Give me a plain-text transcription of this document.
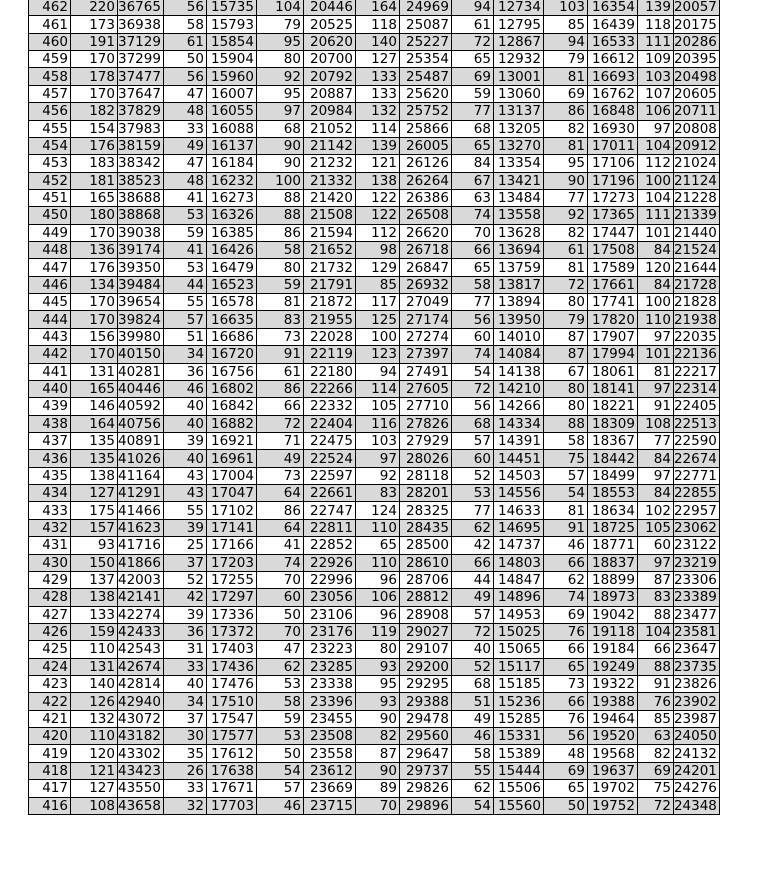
462	220	36765	56	15735	104	20446	164	24969	94	12734	103	16354	139	20057
461	173	36938	58	15793	79	20525	118	25087	61	12795	85	16439	118	20175
460	191	37129	61	15854	95	20620	140	25227	72	12867	94	16533	111	20286
459	170	37299	50	15904	80	20700	127	25354	65	12932	79	16612	109	20395
458	178	37477	56	15960	92	20792	133	25487	69	13001	81	16693	103	20498
457	170	37647	47	16007	95	20887	133	25620	59	13060	69	16762	107	20605
456	182	37829	48	16055	97	20984	132	25752	77	13137	86	16848	106	20711
455	154	37983	33	16088	68	21052	114	25866	68	13205	82	16930	97	20808
454	176	38159	49	16137	90	21142	139	26005	65	13270	81	17011	104	20912
453	183	38342	47	16184	90	21232	121	26126	84	13354	95	17106	112	21024
452	181	38523	48	16232	100	21332	138	26264	67	13421	90	17196	100	21124
451	165	38688	41	16273	88	21420	122	26386	63	13484	77	17273	104	21228
450	180	38868	53	16326	88	21508	122	26508	74	13558	92	17365	111	21339
449	170	39038	59	16385	86	21594	112	26620	70	13628	82	17447	101	21440
448	136	39174	41	16426	58	21652	98	26718	66	13694	61	17508	84	21524
447	176	39350	53	16479	80	21732	129	26847	65	13759	81	17589	120	21644
446	134	39484	44	16523	59	21791	85	26932	58	13817	72	17661	84	21728
445	170	39654	55	16578	81	21872	117	27049	77	13894	80	17741	100	21828
444	170	39824	57	16635	83	21955	125	27174	56	13950	79	17820	110	21938
443	156	39980	51	16686	73	22028	100	27274	60	14010	87	17907	97	22035
442	170	40150	34	16720	91	22119	123	27397	74	14084	87	17994	101	22136
441	131	40281	36	16756	61	22180	94	27491	54	14138	67	18061	81	22217
440	165	40446	46	16802	86	22266	114	27605	72	14210	80	18141	97	22314
439	146	40592	40	16842	66	22332	105	27710	56	14266	80	18221	91	22405
438	164	40756	40	16882	72	22404	116	27826	68	14334	88	18309	108	22513
437	135	40891	39	16921	71	22475	103	27929	57	14391	58	18367	77	22590
436	135	41026	40	16961	49	22524	97	28026	60	14451	75	18442	84	22674
435	138	41164	43	17004	73	22597	92	28118	52	14503	57	18499	97	22771
434	127	41291	43	17047	64	22661	83	28201	53	14556	54	18553	84	22855
433	175	41466	55	17102	86	22747	124	28325	77	14633	81	18634	102	22957
432	157	41623	39	17141	64	22811	110	28435	62	14695	91	18725	105	23062
431	93	41716	25	17166	41	22852	65	28500	42	14737	46	18771	60	23122
430	150	41866	37	17203	74	22926	110	28610	66	14803	66	18837	97	23219
429	137	42003	52	17255	70	22996	96	28706	44	14847	62	18899	87	23306
428	138	42141	42	17297	60	23056	106	28812	49	14896	74	18973	83	23389
427	133	42274	39	17336	50	23106	96	28908	57	14953	69	19042	88	23477
426	159	42433	36	17372	70	23176	119	29027	72	15025	76	19118	104	23581
425	110	42543	31	17403	47	23223	80	29107	40	15065	66	19184	66	23647
424	131	42674	33	17436	62	23285	93	29200	52	15117	65	19249	88	23735
423	140	42814	40	17476	53	23338	95	29295	68	15185	73	19322	91	23826
422	126	42940	34	17510	58	23396	93	29388	51	15236	66	19388	76	23902
421	132	43072	37	17547	59	23455	90	29478	49	15285	76	19464	85	23987
420	110	43182	30	17577	53	23508	82	29560	46	15331	56	19520	63	24050
419	120	43302	35	17612	50	23558	87	29647	58	15389	48	19568	82	24132
418	121	43423	26	17638	54	23612	90	29737	55	15444	69	19637	69	24201
417	127	43550	33	17671	57	23669	89	29826	62	15506	65	19702	75	24276
416	108	43658	32	17703	46	23715	70	29896	54	15560	50	19752	72	24348
